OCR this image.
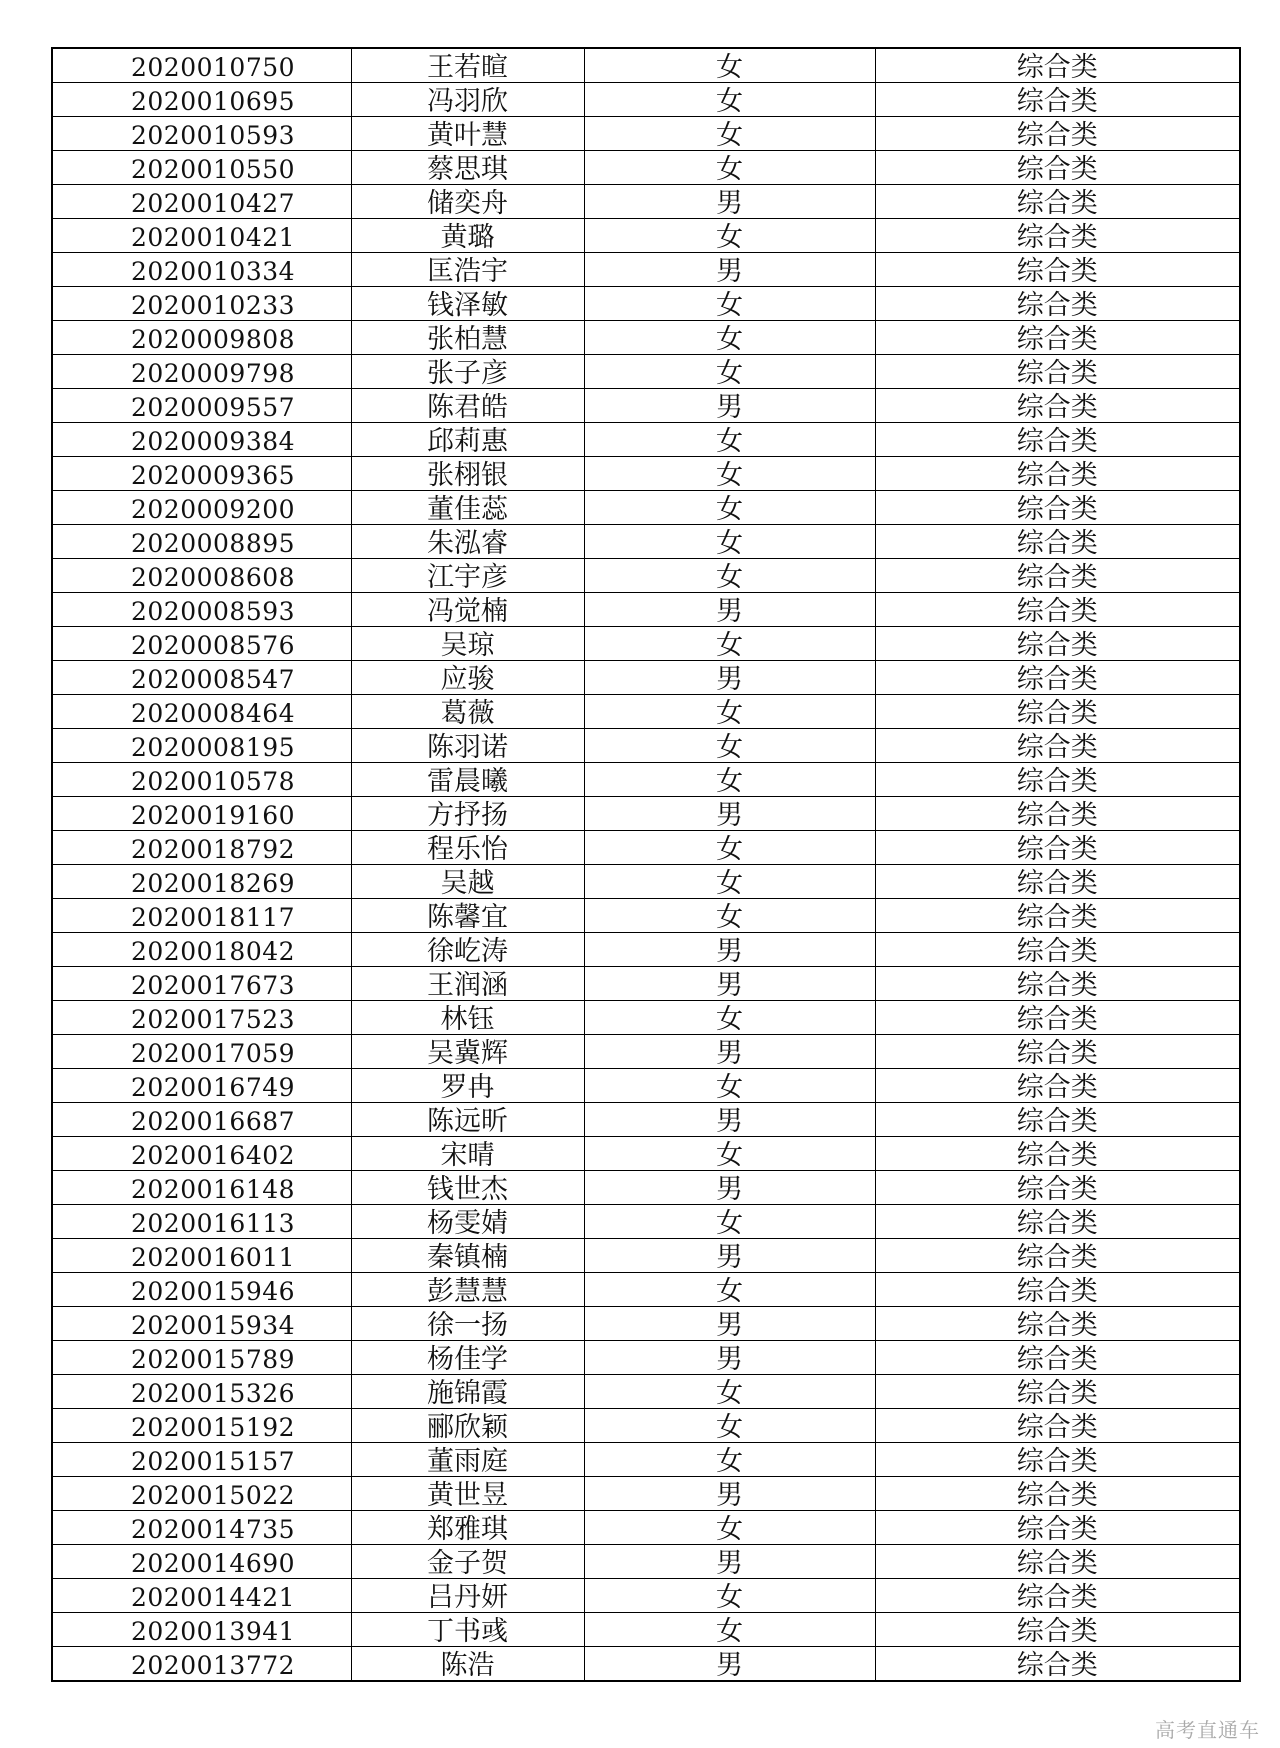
2020010750	王若暄	女	综合类
2020010695	冯羽欣	女	综合类
2020010593	黄叶慧	女	综合类
2020010550	蔡思琪	女	综合类
2020010427	储奕舟	男	综合类
2020010421	黄璐	女	综合类
2020010334	匡浩宇	男	综合类
2020010233	钱泽敏	女	综合类
2020009808	张柏慧	女	综合类
2020009798	张子彦	女	综合类
2020009557	陈君皓	男	综合类
2020009384	邱莉惠	女	综合类
2020009365	张栩银	女	综合类
2020009200	董佳蕊	女	综合类
2020008895	朱泓睿	女	综合类
2020008608	江宇彦	女	综合类
2020008593	冯觉楠	男	综合类
2020008576	吴琼	女	综合类
2020008547	应骏	男	综合类
2020008464	葛薇	女	综合类
2020008195	陈羽诺	女	综合类
2020010578	雷晨曦	女	综合类
2020019160	方抒扬	男	综合类
2020018792	程乐怡	女	综合类
2020018269	吴越	女	综合类
2020018117	陈馨宜	女	综合类
2020018042	徐屹涛	男	综合类
2020017673	王润涵	男	综合类
2020017523	林钰	女	综合类
2020017059	吴冀辉	男	综合类
2020016749	罗冉	女	综合类
2020016687	陈远昕	男	综合类
2020016402	宋晴	女	综合类
2020016148	钱世杰	男	综合类
2020016113	杨雯婧	女	综合类
2020016011	秦镇楠	男	综合类
2020015946	彭慧慧	女	综合类
2020015934	徐一扬	男	综合类
2020015789	杨佳学	男	综合类
2020015326	施锦霞	女	综合类
2020015192	郦欣颖	女	综合类
2020015157	董雨庭	女	综合类
2020015022	黄世昱	男	综合类
2020014735	郑雅琪	女	综合类
2020014690	金子贺	男	综合类
2020014421	吕丹妍	女	综合类
2020013941	丁书彧	女	综合类
2020013772	陈浩	男	综合类
高考直通车
